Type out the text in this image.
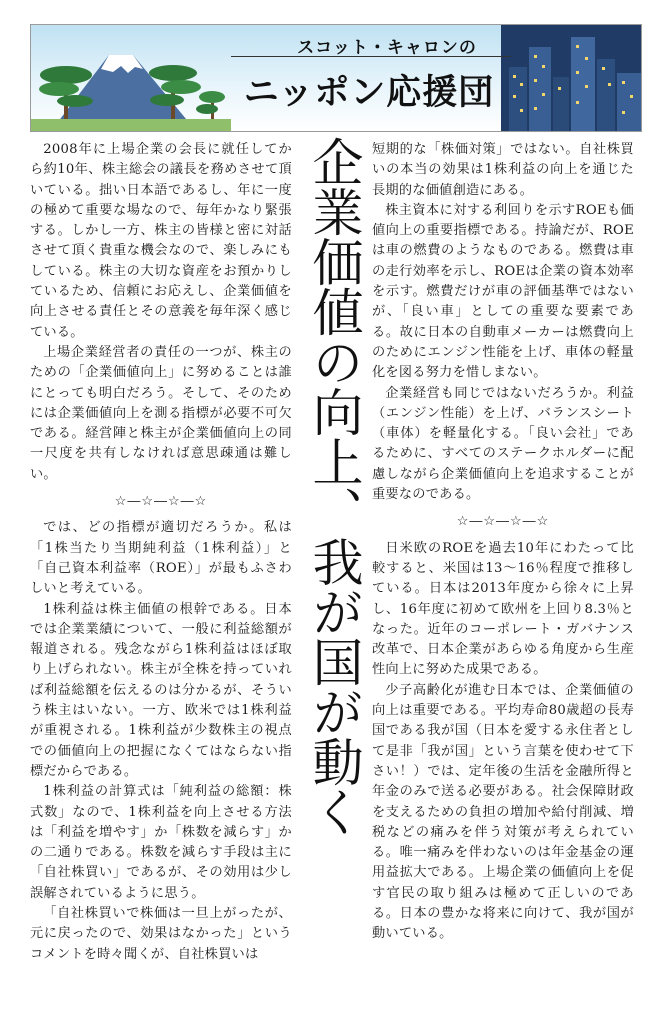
スコット・キャロンの
ニッポン応援団

2008年に上場企業の会長に就任してから約10年、株主総会の議長を務めさせて頂いている。拙い日本語であるし、年に一度の極めて重要な場なので、毎年かなり緊張する。しかし一方、株主の皆様と密に対話させて頂く貴重な機会なので、楽しみにもしている。株主の大切な資産をお預かりしているため、信頼にお応えし、企業価値を向上させる責任とその意義を毎年深く感じている。

上場企業経営者の責任の一つが、株主のための「企業価値向上」に努めることは誰にとっても明白だろう。そして、そのためには企業価値向上を測る指標が必要不可欠である。経営陣と株主が企業価値向上の同一尺度を共有しなければ意思疎通は難しい。

☆―☆―☆―☆

では、どの指標が適切だろうか。私は「1株当たり当期純利益（1株利益）」と「自己資本利益率（ROE）」が最もふさわしいと考えている。

1株利益は株主価値の根幹である。日本では企業業績について、一般に利益総額が報道される。残念ながら1株利益はほぼ取り上げられない。株主が全株を持っていれば利益総額を伝えるのは分かるが、そういう株主はいない。一方、欧米では1株利益が重視される。1株利益が少数株主の視点での価値向上の把握になくてはならない指標だからである。

1株利益の計算式は「純利益の総額：株式数」なので、1株利益を向上させる方法は「利益を増やす」か「株数を減らす」かの二通りである。株数を減らす手段は主に「自社株買い」であるが、その効用は少し誤解されているように思う。

「自社株買いで株価は一旦上がったが、元に戻ったので、効果はなかった」というコメントを時々聞くが、自社株買いは

企業価値の向上、我が国が動く 短期的な「株価対策」ではない。自社株買いの本当の効果は1株利益の向上を通じた長期的な価値創造にある。

株主資本に対する利回りを示すROEも価値向上の重要指標である。持論だが、ROEは車の燃費のようなものである。燃費は車の走行効率を示し、ROEは企業の資本効率を示す。燃費だけが車の評価基準ではないが、「良い車」としての重要な要素である。故に日本の自動車メーカーは燃費向上のためにエンジン性能を上げ、車体の軽量化を図る努力を惜しまない。

企業経営も同じではないだろうか。利益（エンジン性能）を上げ、バランスシート（車体）を軽量化する。「良い会社」であるために、すべてのステークホルダーに配慮しながら企業価値向上を追求することが重要なのである。

☆―☆―☆―☆

日米欧のROEを過去10年にわたって比較すると、米国は13～16％程度で推移している。日本は2013年度から徐々に上昇し、16年度に初めて欧州を上回り8.3％となった。近年のコーポレート・ガバナンス改革で、日本企業があらゆる角度から生産性向上に努めた成果である。

少子高齢化が進む日本では、企業価値の向上は重要である。平均寿命80歳超の長寿国である我が国（日本を愛する永住者として是非「我が国」という言葉を使わせて下さい！）では、定年後の生活を金融所得と年金のみで送る必要がある。社会保障財政を支えるための負担の増加や給付削減、増税などの痛みを伴う対策が考えられている。唯一痛みを伴わないのは年金基金の運用益拡大である。上場企業の価値向上を促す官民の取り組みは極めて正しいのである。日本の豊かな将来に向けて、我が国が動いている。
